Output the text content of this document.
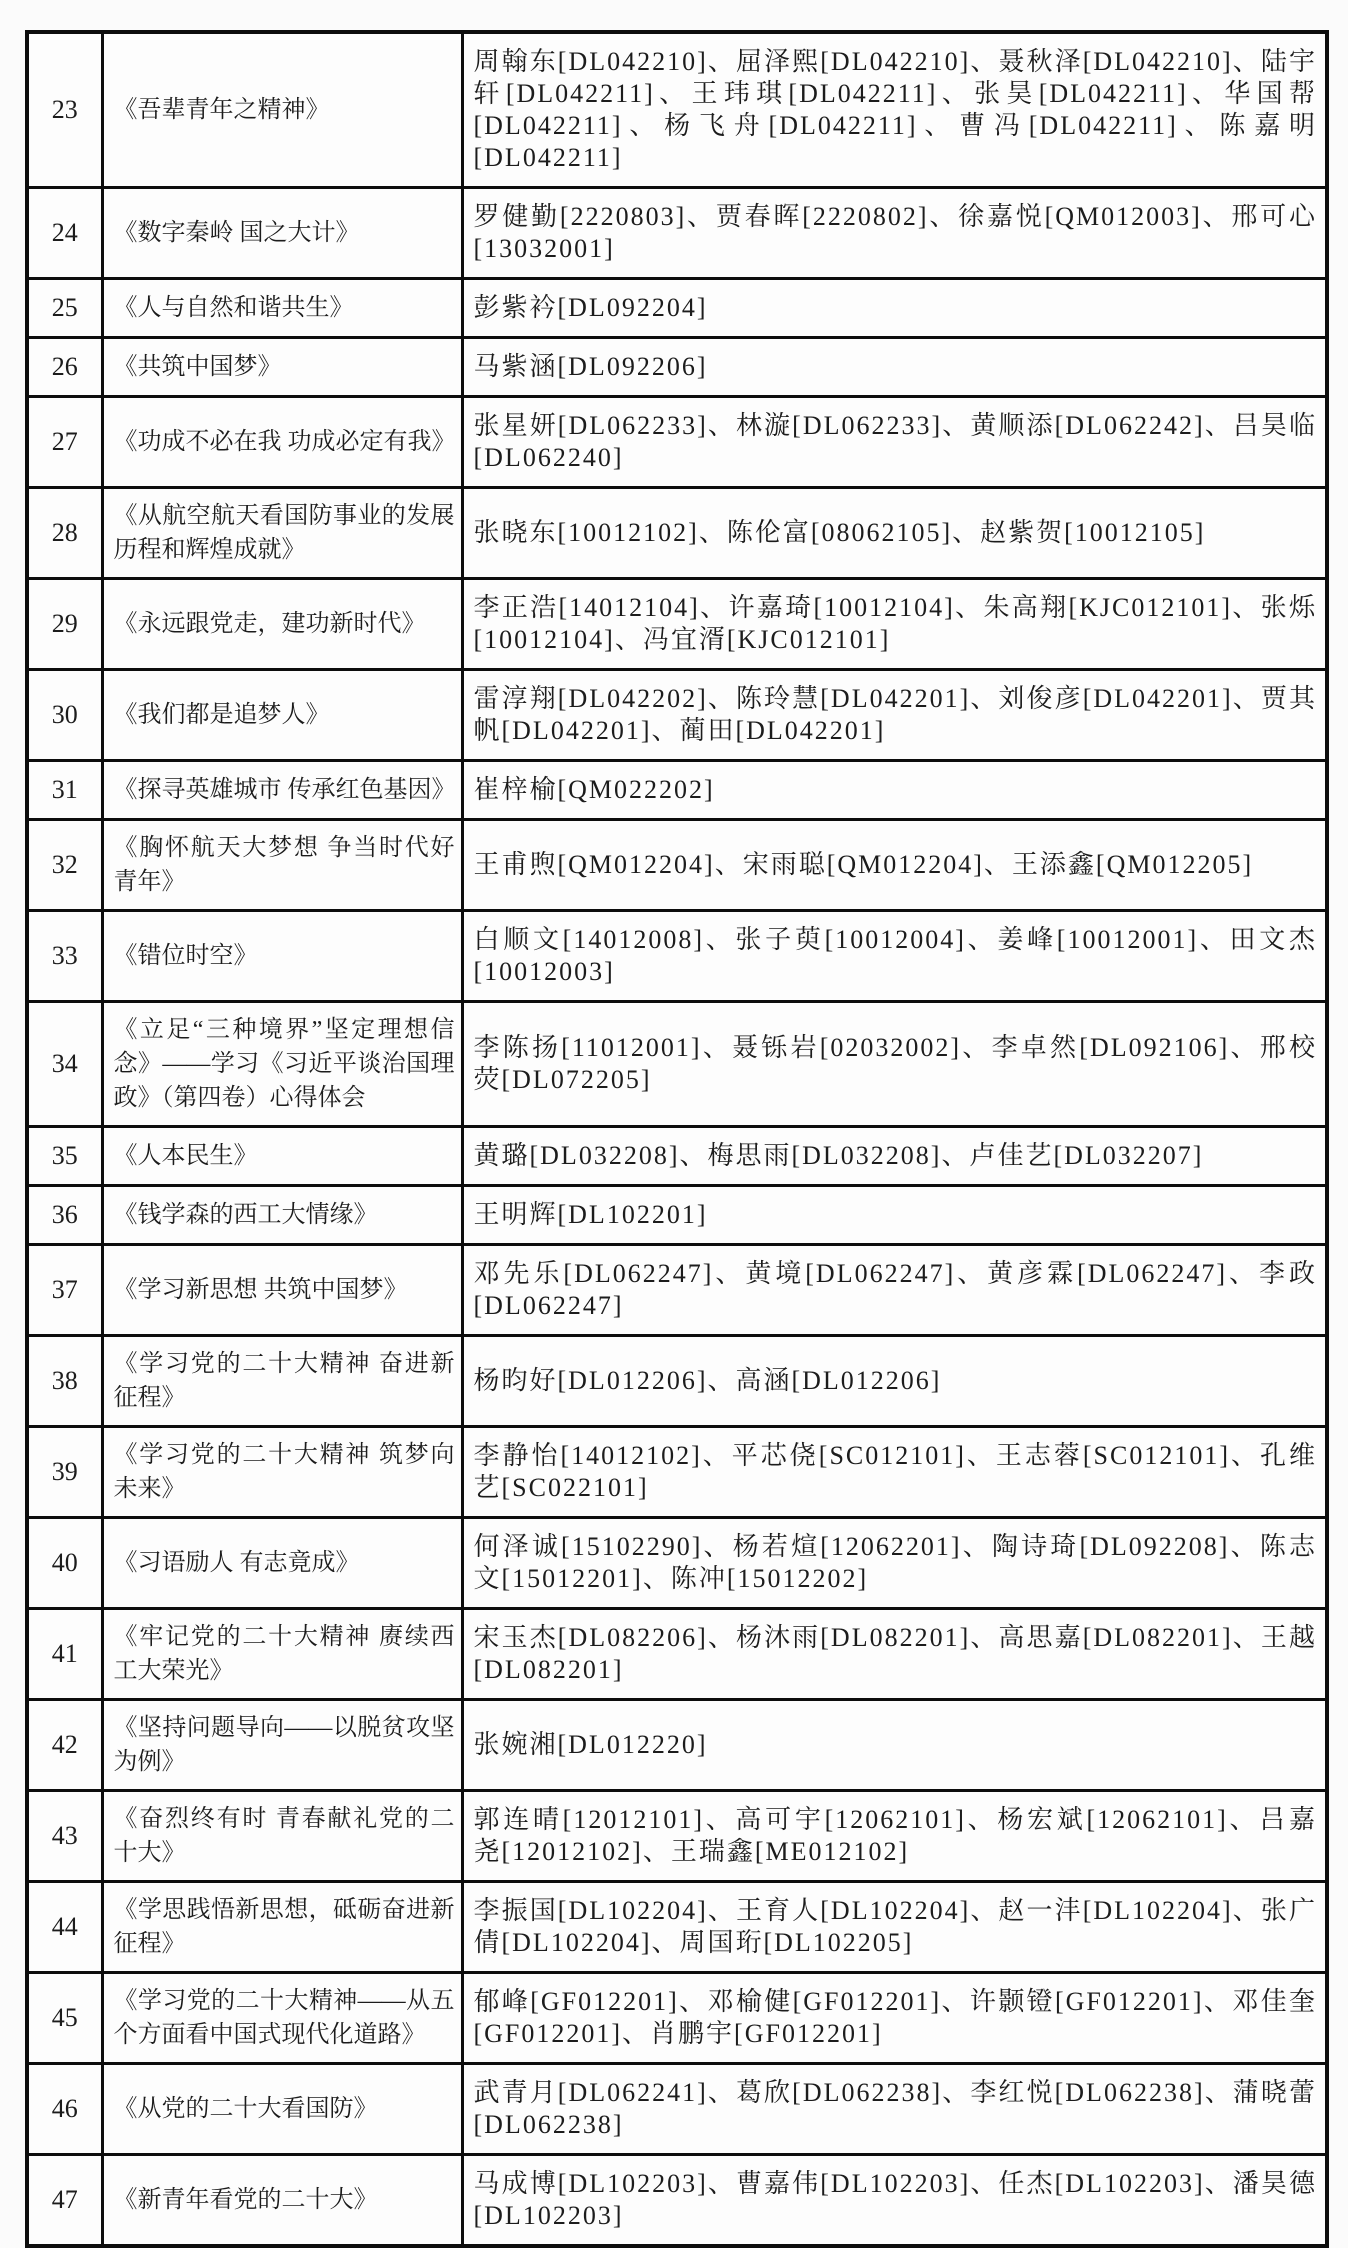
23	《吾辈青年之精神》	周翰东[DL042210]、屈泽熙[DL042210]、聂秋泽[DL042210]、陆宇轩[DL042211]、王玮琪[DL042211]、张昊[DL042211]、华国帮[DL042211]、杨飞舟[DL042211]、曹冯[DL042211]、陈嘉明[DL042211]
24	《数字秦岭 国之大计》	罗健勤[2220803]、贾春晖[2220802]、徐嘉悦[QM012003]、邢可心[13032001]
25	《人与自然和谐共生》	彭紫衿[DL092204]
26	《共筑中国梦》	马紫涵[DL092206]
27	《功成不必在我 功成必定有我》	张星妍[DL062233]、林漩[DL062233]、黄顺添[DL062242]、吕昊临[DL062240]
28	《从航空航天看国防事业的发展历程和辉煌成就》	张晓东[10012102]、陈伦富[08062105]、赵紫贺[10012105]
29	《永远跟党走，建功新时代》	李正浩[14012104]、许嘉琦[10012104]、朱高翔[KJC012101]、张烁[10012104]、冯宜湑[KJC012101]
30	《我们都是追梦人》	雷淳翔[DL042202]、陈玲慧[DL042201]、刘俊彦[DL042201]、贾其帆[DL042201]、蔺田[DL042201]
31	《探寻英雄城市 传承红色基因》	崔梓榆[QM022202]
32	《胸怀航天大梦想 争当时代好青年》	王甫煦[QM012204]、宋雨聪[QM012204]、王添鑫[QM012205]
33	《错位时空》	白顺文[14012008]、张子萸[10012004]、姜峰[10012001]、田文杰[10012003]
34	《立足“三种境界”坚定理想信念》——学习《习近平谈治国理政》（第四卷）心得体会	李陈扬[11012001]、聂铄岩[02032002]、李卓然[DL092106]、邢校荧[DL072205]
35	《人本民生》	黄璐[DL032208]、梅思雨[DL032208]、卢佳艺[DL032207]
36	《钱学森的西工大情缘》	王明辉[DL102201]
37	《学习新思想 共筑中国梦》	邓先乐[DL062247]、黄境[DL062247]、黄彦霖[DL062247]、李政[DL062247]
38	《学习党的二十大精神 奋进新征程》	杨昀好[DL012206]、高涵[DL012206]
39	《学习党的二十大精神 筑梦向未来》	李静怡[14012102]、平芯侥[SC012101]、王志蓉[SC012101]、孔维艺[SC022101]
40	《习语励人 有志竟成》	何泽诚[15102290]、杨若煊[12062201]、陶诗琦[DL092208]、陈志文[15012201]、陈冲[15012202]
41	《牢记党的二十大精神 赓续西工大荣光》	宋玉杰[DL082206]、杨沐雨[DL082201]、高思嘉[DL082201]、王越[DL082201]
42	《坚持问题导向——以脱贫攻坚为例》	张婉湘[DL012220]
43	《奋烈终有时 青春献礼党的二十大》	郭连晴[12012101]、高可宇[12062101]、杨宏斌[12062101]、吕嘉尧[12012102]、王瑞鑫[ME012102]
44	《学思践悟新思想，砥砺奋进新征程》	李振国[DL102204]、王育人[DL102204]、赵一沣[DL102204]、张广倩[DL102204]、周国珩[DL102205]
45	《学习党的二十大精神——从五个方面看中国式现代化道路》	郁峰[GF012201]、邓榆健[GF012201]、许颢镫[GF012201]、邓佳奎[GF012201]、肖鹏宇[GF012201]
46	《从党的二十大看国防》	武青月[DL062241]、葛欣[DL062238]、李红悦[DL062238]、蒲晓蕾[DL062238]
47	《新青年看党的二十大》	马成博[DL102203]、曹嘉伟[DL102203]、任杰[DL102203]、潘昊德[DL102203]
